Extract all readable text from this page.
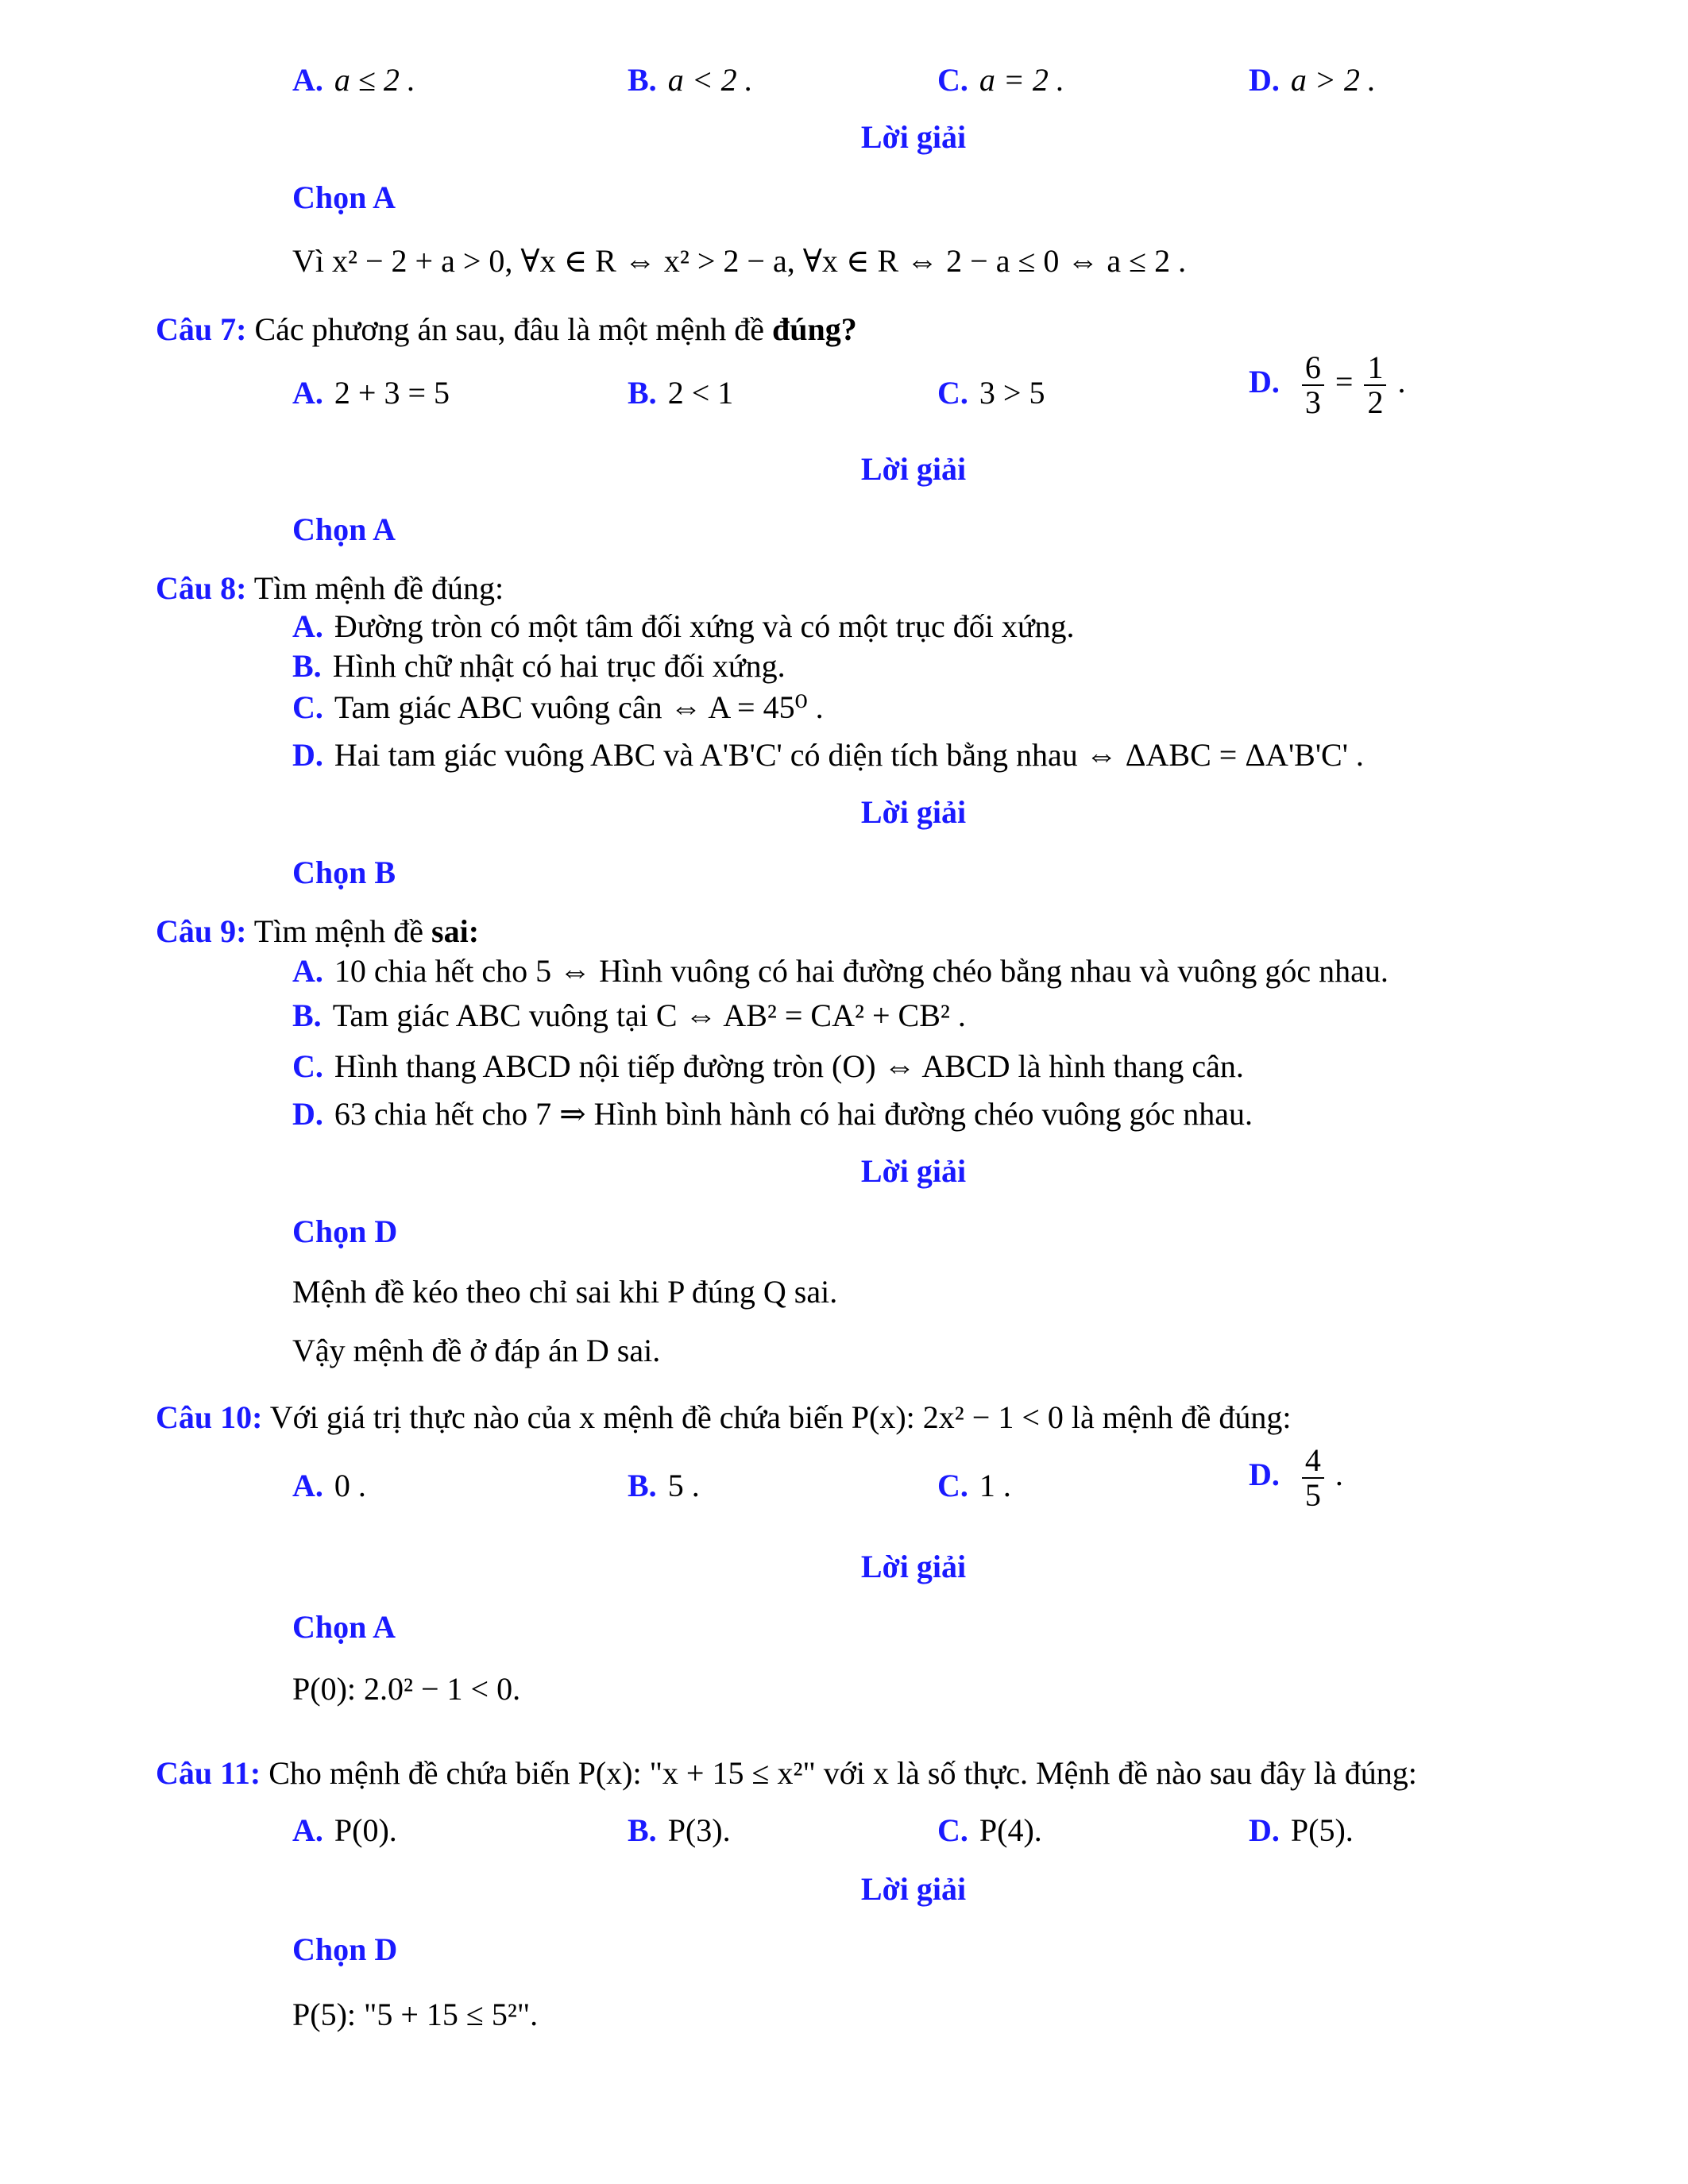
A. a ≤ 2 .	B. a < 2 .	C. a = 2 .	D. a > 2 .
Lời giải
Chọn A
Vì x² − 2 + a > 0, ∀x ∈ R ⇔ x² > 2 − a, ∀x ∈ R ⇔ 2 − a ≤ 0 ⇔ a ≤ 2 .
Câu 7: Các phương án sau, đâu là một mệnh đề đúng?
A. 2 + 3 = 5	B. 2 < 1	C. 3 > 5	D. $\frac{6}{3} = \frac{1}{2}$ .
Lời giải
Chọn A
Câu 8: Tìm mệnh đề đúng:
A. Đường tròn có một tâm đối xứng và có một trục đối xứng.
B. Hình chữ nhật có hai trục đối xứng.
C. Tam giác ABC vuông cân ⇔ A = 45⁰ .
D. Hai tam giác vuông ABC và A'B'C' có diện tích bằng nhau ⇔ ΔABC = ΔA'B'C' .
Lời giải
Chọn B
Câu 9: Tìm mệnh đề sai:
A. 10 chia hết cho 5 ⇔ Hình vuông có hai đường chéo bằng nhau và vuông góc nhau.
B. Tam giác ABC vuông tại C ⇔ AB² = CA² + CB² .
C. Hình thang ABCD nội tiếp đường tròn (O) ⇔ ABCD là hình thang cân.
D. 63 chia hết cho 7 ⇒ Hình bình hành có hai đường chéo vuông góc nhau.
Lời giải
Chọn D
Mệnh đề kéo theo chỉ sai khi P đúng Q sai.
Vậy mệnh đề ở đáp án D sai.
Câu 10: Với giá trị thực nào của x mệnh đề chứa biến P(x): 2x² − 1 < 0 là mệnh đề đúng:
A. 0 .	B. 5 .	C. 1 .	D. $\frac{4}{5}$ .
Lời giải
Chọn A
P(0): 2.0² − 1 < 0.
Câu 11: Cho mệnh đề chứa biến P(x): "x + 15 ≤ x²" với x là số thực. Mệnh đề nào sau đây là đúng:
A. P(0).	B. P(3).	C. P(4).	D. P(5).
Lời giải
Chọn D
P(5): "5 + 15 ≤ 5²".
